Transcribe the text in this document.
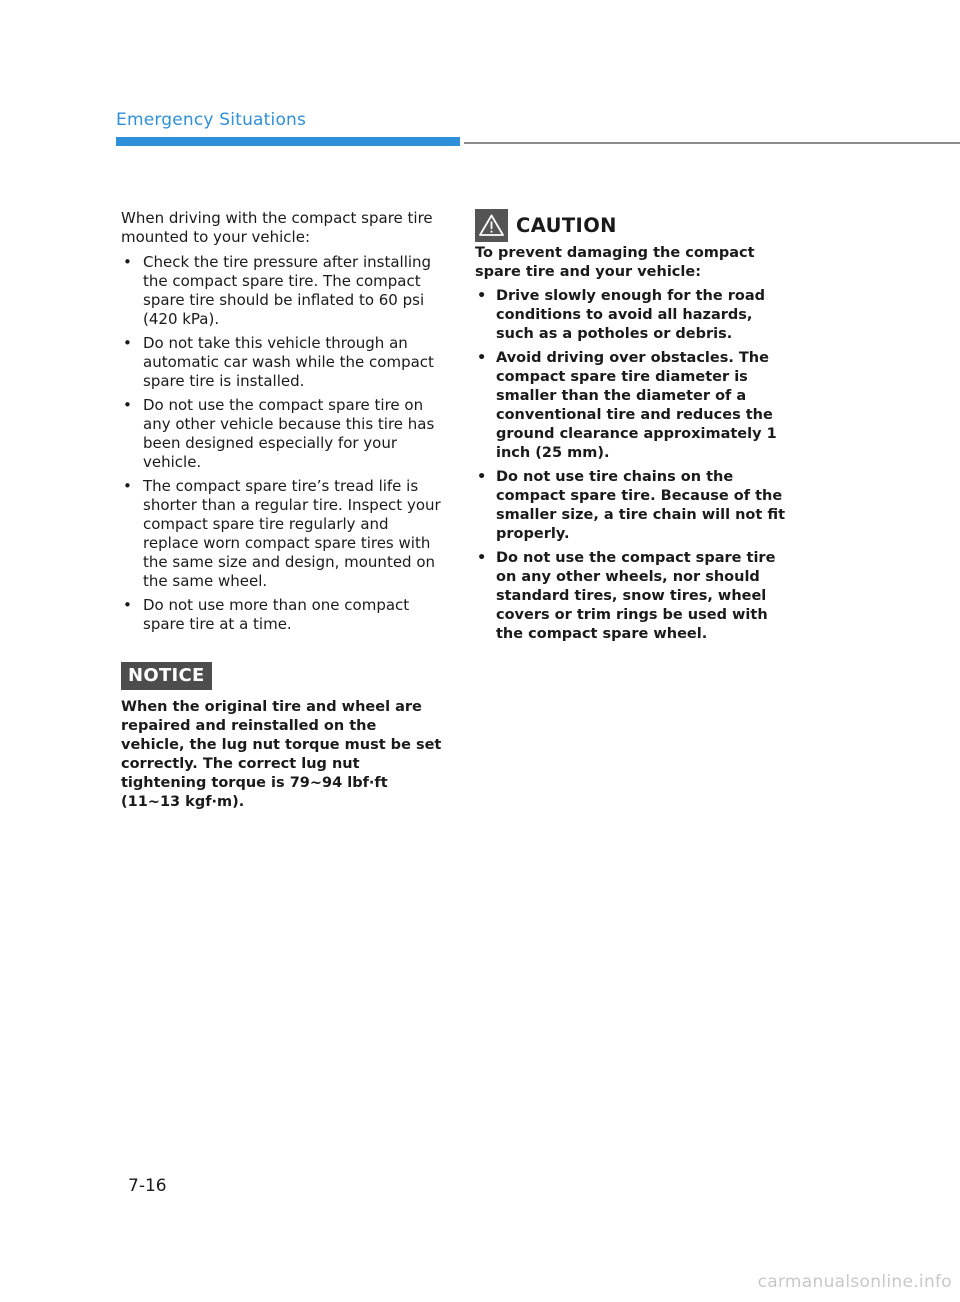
Emergency Situations

When driving with the compact spare tire mounted to your vehicle:

• Check the tire pressure after installing the compact spare tire. The compact spare tire should be inflated to 60 psi (420 kPa).
• Do not take this vehicle through an automatic car wash while the compact spare tire is installed.
• Do not use the compact spare tire on any other vehicle because this tire has been designed especially for your vehicle.
• The compact spare tire’s tread life is shorter than a regular tire. Inspect your compact spare tire regularly and replace worn compact spare tires with the same size and design, mounted on the same wheel.
• Do not use more than one compact spare tire at a time.
NOTICE

When the original tire and wheel are repaired and reinstalled on the vehicle, the lug nut torque must be set correctly. The correct lug nut tightening torque is 79~94 lbf·ft (11~13 kgf·m).

CAUTION

To prevent damaging the compact spare tire and your vehicle:

• Drive slowly enough for the road conditions to avoid all hazards, such as a potholes or debris.
• Avoid driving over obstacles. The compact spare tire diameter is smaller than the diameter of a conventional tire and reduces the ground clearance approximately 1 inch (25 mm).
• Do not use tire chains on the compact spare tire. Because of the smaller size, a tire chain will not fit properly.
• Do not use the compact spare tire on any other wheels, nor should standard tires, snow tires, wheel covers or trim rings be used with the compact spare wheel.
7-16
carmanualsonline.info
